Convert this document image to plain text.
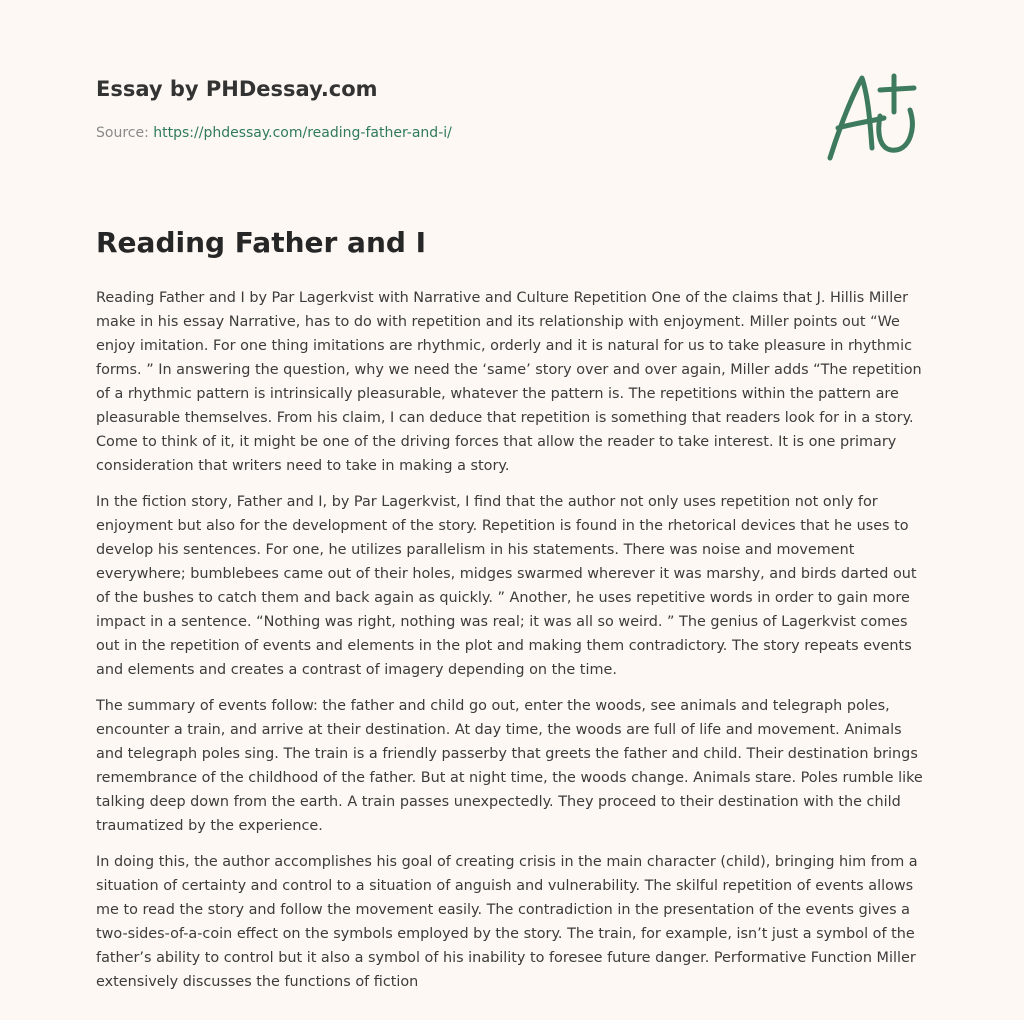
Essay by PHDessay.com
Source: https://phdessay.com/reading-father-and-i/
Reading Father and I

Reading Father and I by Par Lagerkvist with Narrative and Culture Repetition One of the claims that J. Hillis Miller make in his essay Narrative, has to do with repetition and its relationship with enjoyment. Miller points out “We enjoy imitation. For one thing imitations are rhythmic, orderly and it is natural for us to take pleasure in rhythmic forms. ” In answering the question, why we need the ‘same’ story over and over again, Miller adds “The repetition of a rhythmic pattern is intrinsically pleasurable, whatever the pattern is. The repetitions within the pattern are pleasurable themselves. From his claim, I can deduce that repetition is something that readers look for in a story. Come to think of it, it might be one of the driving forces that allow the reader to take interest. It is one primary consideration that writers need to take in making a story.

In the fiction story, Father and I, by Par Lagerkvist, I find that the author not only uses repetition not only for enjoyment but also for the development of the story. Repetition is found in the rhetorical devices that he uses to develop his sentences. For one, he utilizes parallelism in his statements. There was noise and movement everywhere; bumblebees came out of their holes, midges swarmed wherever it was marshy, and birds darted out of the bushes to catch them and back again as quickly. ” Another, he uses repetitive words in order to gain more impact in a sentence. “Nothing was right, nothing was real; it was all so weird. ” The genius of Lagerkvist comes out in the repetition of events and elements in the plot and making them contradictory. The story repeats events and elements and creates a contrast of imagery depending on the time.

The summary of events follow: the father and child go out, enter the woods, see animals and telegraph poles, encounter a train, and arrive at their destination. At day time, the woods are full of life and movement. Animals and telegraph poles sing. The train is a friendly passerby that greets the father and child. Their destination brings remembrance of the childhood of the father. But at night time, the woods change. Animals stare. Poles rumble like talking deep down from the earth. A train passes unexpectedly. They proceed to their destination with the child traumatized by the experience.

In doing this, the author accomplishes his goal of creating crisis in the main character (child), bringing him from a situation of certainty and control to a situation of anguish and vulnerability. The skilful repetition of events allows me to read the story and follow the movement easily. The contradiction in the presentation of the events gives a two-sides-of-a-coin effect on the symbols employed by the story. The train, for example, isn’t just a symbol of the father’s ability to control but it also a symbol of his inability to foresee future danger. Performative Function Miller extensively discusses the functions of fiction
